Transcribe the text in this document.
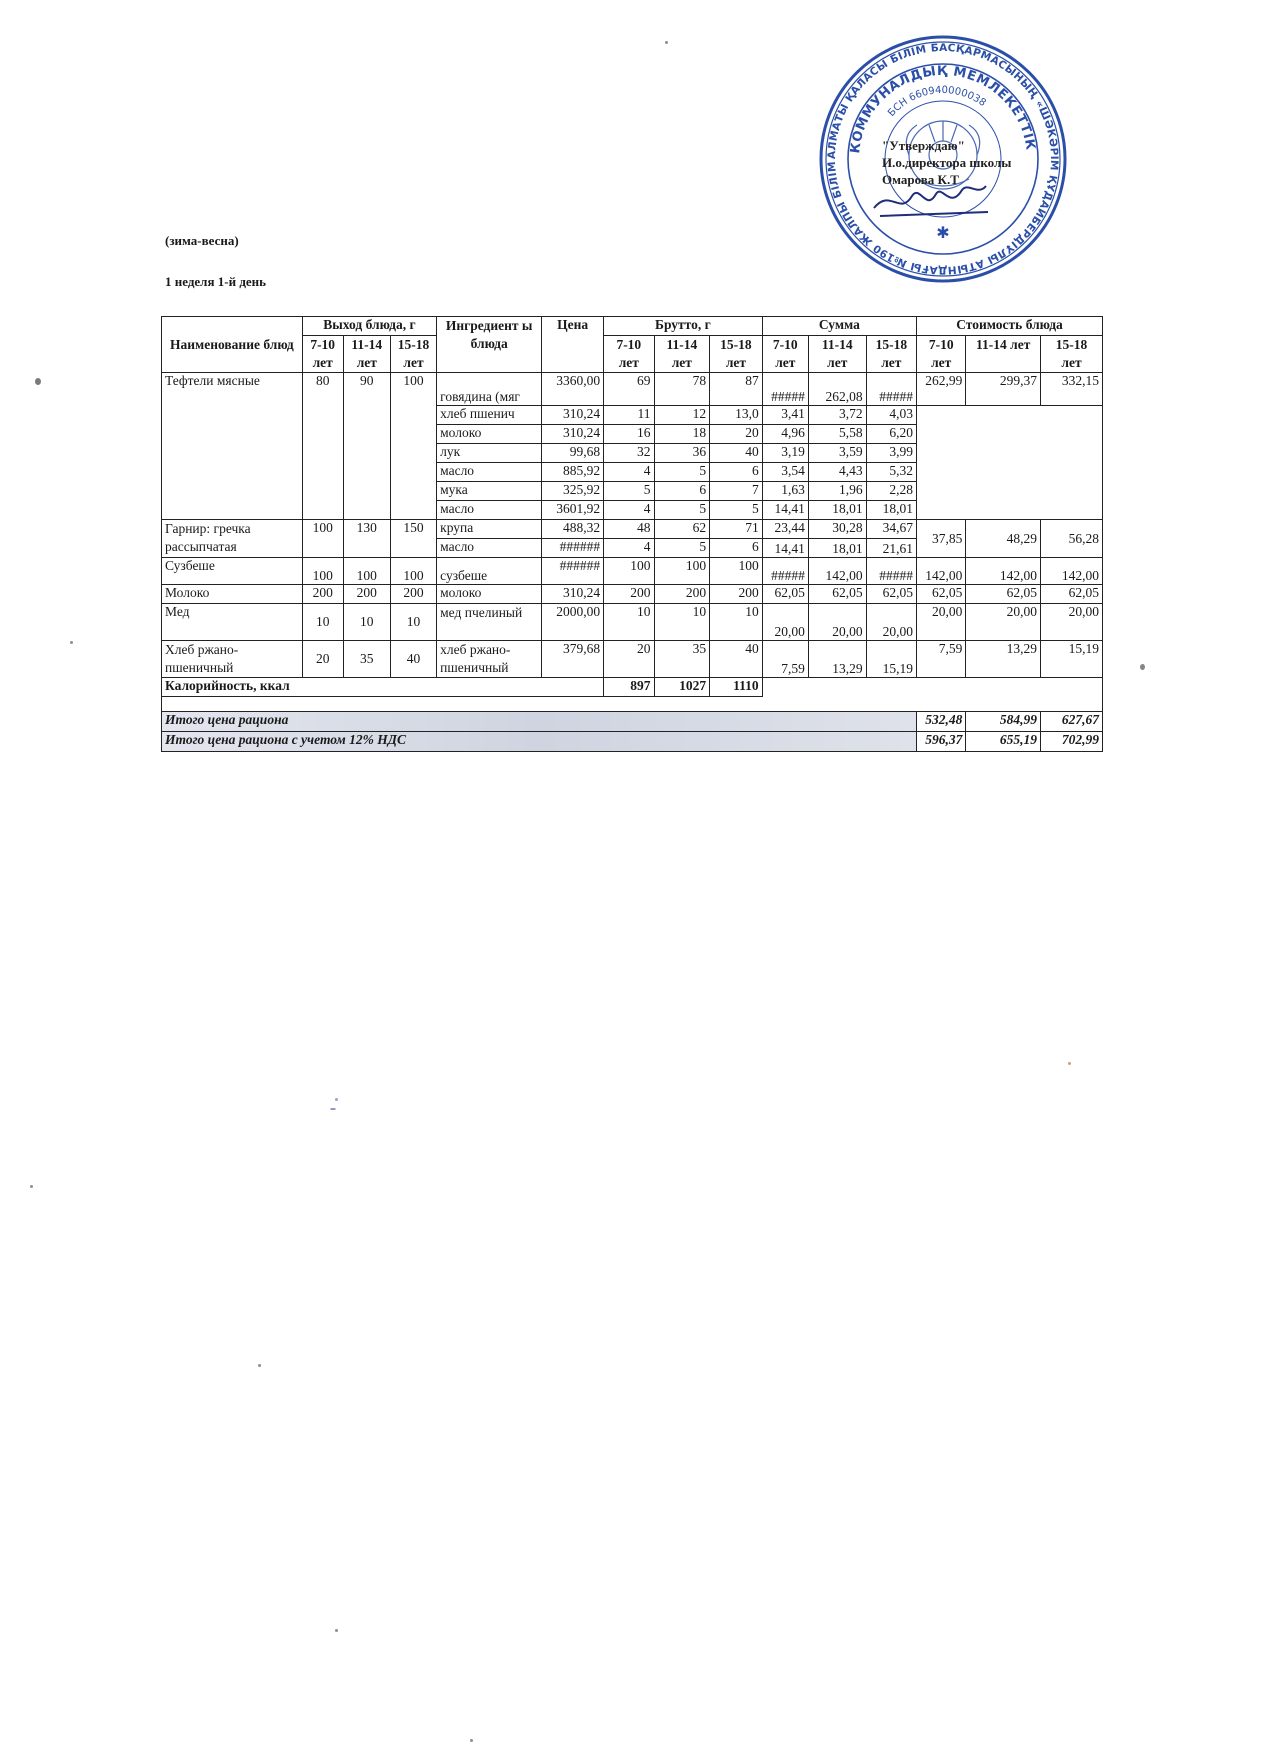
(зима-весна)
1 неделя 1-й день
АЛМАТЫ ҚАЛАСЫ БІЛІМ БАСҚАРМАСЫНЫҢ «ШӘКӘРІМ ҚҰДАЙБЕРДІҰЛЫ АТЫНДАҒЫ №190 ЖАЛПЫ БІЛІМ
КОММУНАЛДЫҚ МЕМЛЕКЕТТІК
БСН 660940000038
✱
"Утверждаю"
И.о.директора школы
Омарова К.Т
Наименование блюд	Выход блюда, г			Ингредиент ы блюда	Цена	Брутто, г			Сумма			Стоимость блюда		
	7-10 лет	11-14 лет	15-18 лет			7-10 лет	11-14 лет	15-18 лет	7-10 лет	11-14 лет	15-18 лет	7-10 лет	11-14 лет	15-18 лет
Тефтели мясные	80	90	100	говядина (мяг	3360,00	69	78	87	#####	262,08	#####	262,99	299,37	332,15
				хлеб пшенич	310,24	11	12	13,0	3,41	3,72	4,03			
				молоко	310,24	16	18	20	4,96	5,58	6,20			
				лук	99,68	32	36	40	3,19	3,59	3,99			
				масло	885,92	4	5	6	3,54	4,43	5,32			
				мука	325,92	5	6	7	1,63	1,96	2,28			
				масло	3601,92	4	5	5	14,41	18,01	18,01			
Гарнир: гречка рассыпчатая	100	130	150	крупа	488,32	48	62	71	23,44	30,28	34,67	37,85	48,29	56,28
				масло	######	4	5	6	14,41	18,01	21,61			
Сузбеше	100	100	100	сузбеше	######	100	100	100	#####	142,00	#####	142,00	142,00	142,00
Молоко	200	200	200	молоко	310,24	200	200	200	62,05	62,05	62,05	62,05	62,05	62,05
Мед	10	10	10	мед пчелиный	2000,00	10	10	10	20,00	20,00	20,00	20,00	20,00	20,00
Хлеб ржано-пшеничный	20	35	40	хлеб ржано-пшеничный	379,68	20	35	40	7,59	13,29	15,19	7,59	13,29	15,19
Калорийность, ккал						897	1027	1110						

Итого цена рациона												532,48	584,99	627,67
Итого цена рациона с учетом 12% НДС												596,37	655,19	702,99
